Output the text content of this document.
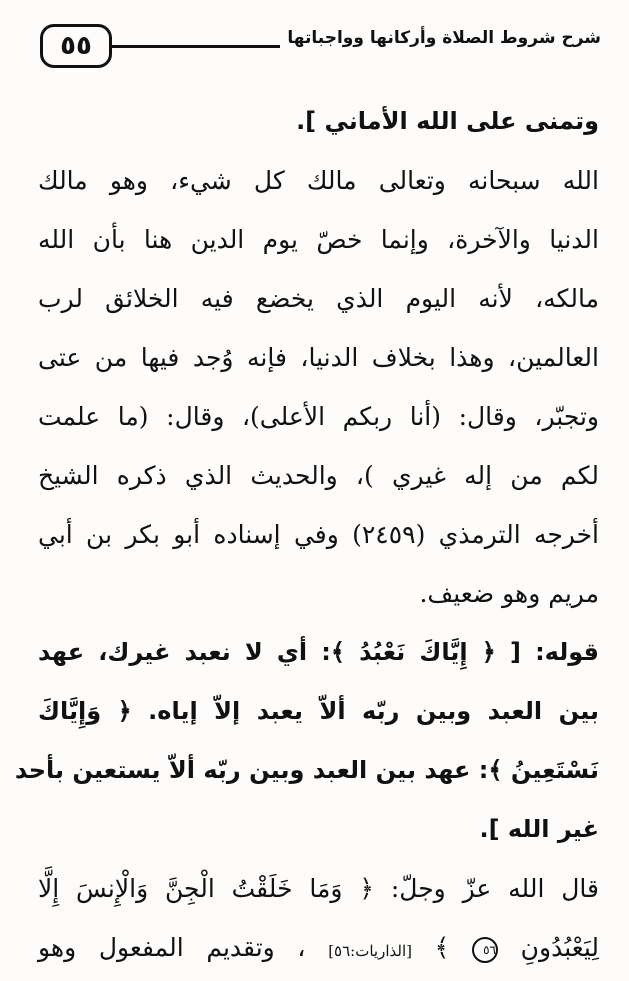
٥٥	شرح شروط الصلاة وأركانها وواجباتها
وتمنى على الله الأماني ].
الله سبحانه وتعالى مالك كل شيء، وهو مالك
الدنيا والآخرة، وإنما خصّ يوم الدين هنا بأن الله
مالكه، لأنه اليوم الذي يخضع فيه الخلائق لرب
العالمين، وهذا بخلاف الدنيا، فإنه وُجد فيها من عتى
وتجبّر، وقال: (أنا ربكم الأعلى)، وقال: (ما علمت
لكم من إله غيري )، والحديث الذي ذكره الشيخ
أخرجه الترمذي (٢٤٥٩) وفي إسناده أبو بكر بن أبي
مريم وهو ضعيف.
قوله: [ ﴿ إِيَّاكَ نَعْبُدُ ﴾: أي لا نعبد غيرك، عهد
بين العبد وبين ربّه ألاّ يعبد إلاّ إياه. ﴿ وَإِيَّاكَ
نَسْتَعِينُ ﴾: عهد بين العبد وبين ربّه ألاّ يستعين بأحد
غير الله ].
قال الله عزّ وجلّ: ﴿ وَمَا خَلَقْتُ الْجِنَّ وَالْإِنسَ إِلَّا
لِيَعْبُدُونِ ٥٦ ﴾ [الذاريات:٥٦] ، وتقديم المفعول وهو
